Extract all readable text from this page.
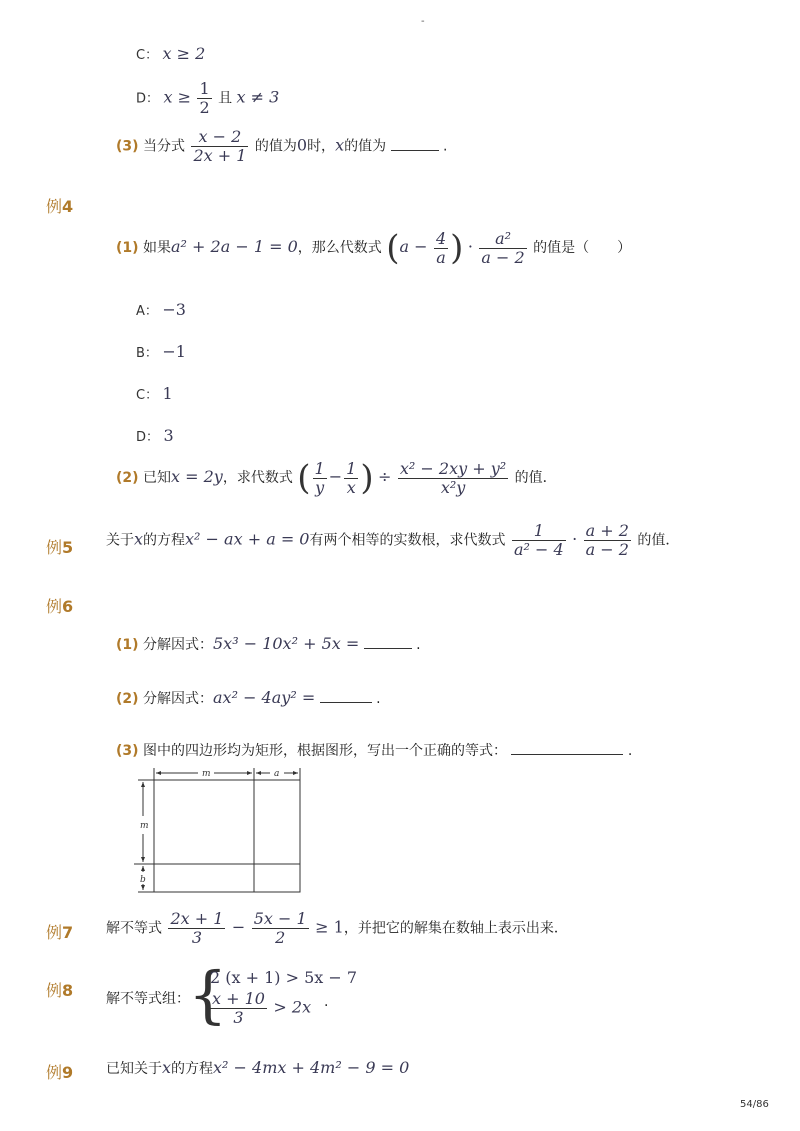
-
C： x ≥ 2
D： $x \ge \frac{1}{2}$ 且 x ≠ 3
(3) 当分式 $\frac{x - 2}{2x + 1}$ 的值为0时，x的值为	.
例4
(1) 如果a² + 2a − 1 = 0，那么代数式 ($a - \frac{4}{a}$ ) · $\frac{\text{a²}}{a - 2}$ 的值是（　　）
A： −3
B： −1
C： 1
D： 3
(2) 已知x = 2y，求代数式 ( $\frac{1}{y} - \frac{1}{x}$ ) ÷ $\frac{\text{x² − 2xy + y²}}{\text{x²y}}$ 的值．
例5 关于x的方程x² − ax + a = 0有两个相等的实数根，求代数式 $\frac{1}{\text{a² − 4}} \cdot \frac{a + 2}{a - 2}$ 的值．
例6
(1) 分解因式：5x³ − 10x² + 5x =	.
(2) 分解因式：ax² − 4ay² =	.
(3) 图中的四边形均为矩形，根据图形，写出一个正确的等式：	.
m	a
m
b
例7 解不等式 $\frac{2x + 1}{3} - \frac{5x - 1}{2} \ge 1$，并把它的解集在数轴上表示出来．
例8 解不等式组：
{
2 (x + 1) > 5x − 7
$\frac{x + 10}{3} > 2x$ .
例9 已知关于x的方程x² − 4mx + 4m² − 9 = 0
54/86
